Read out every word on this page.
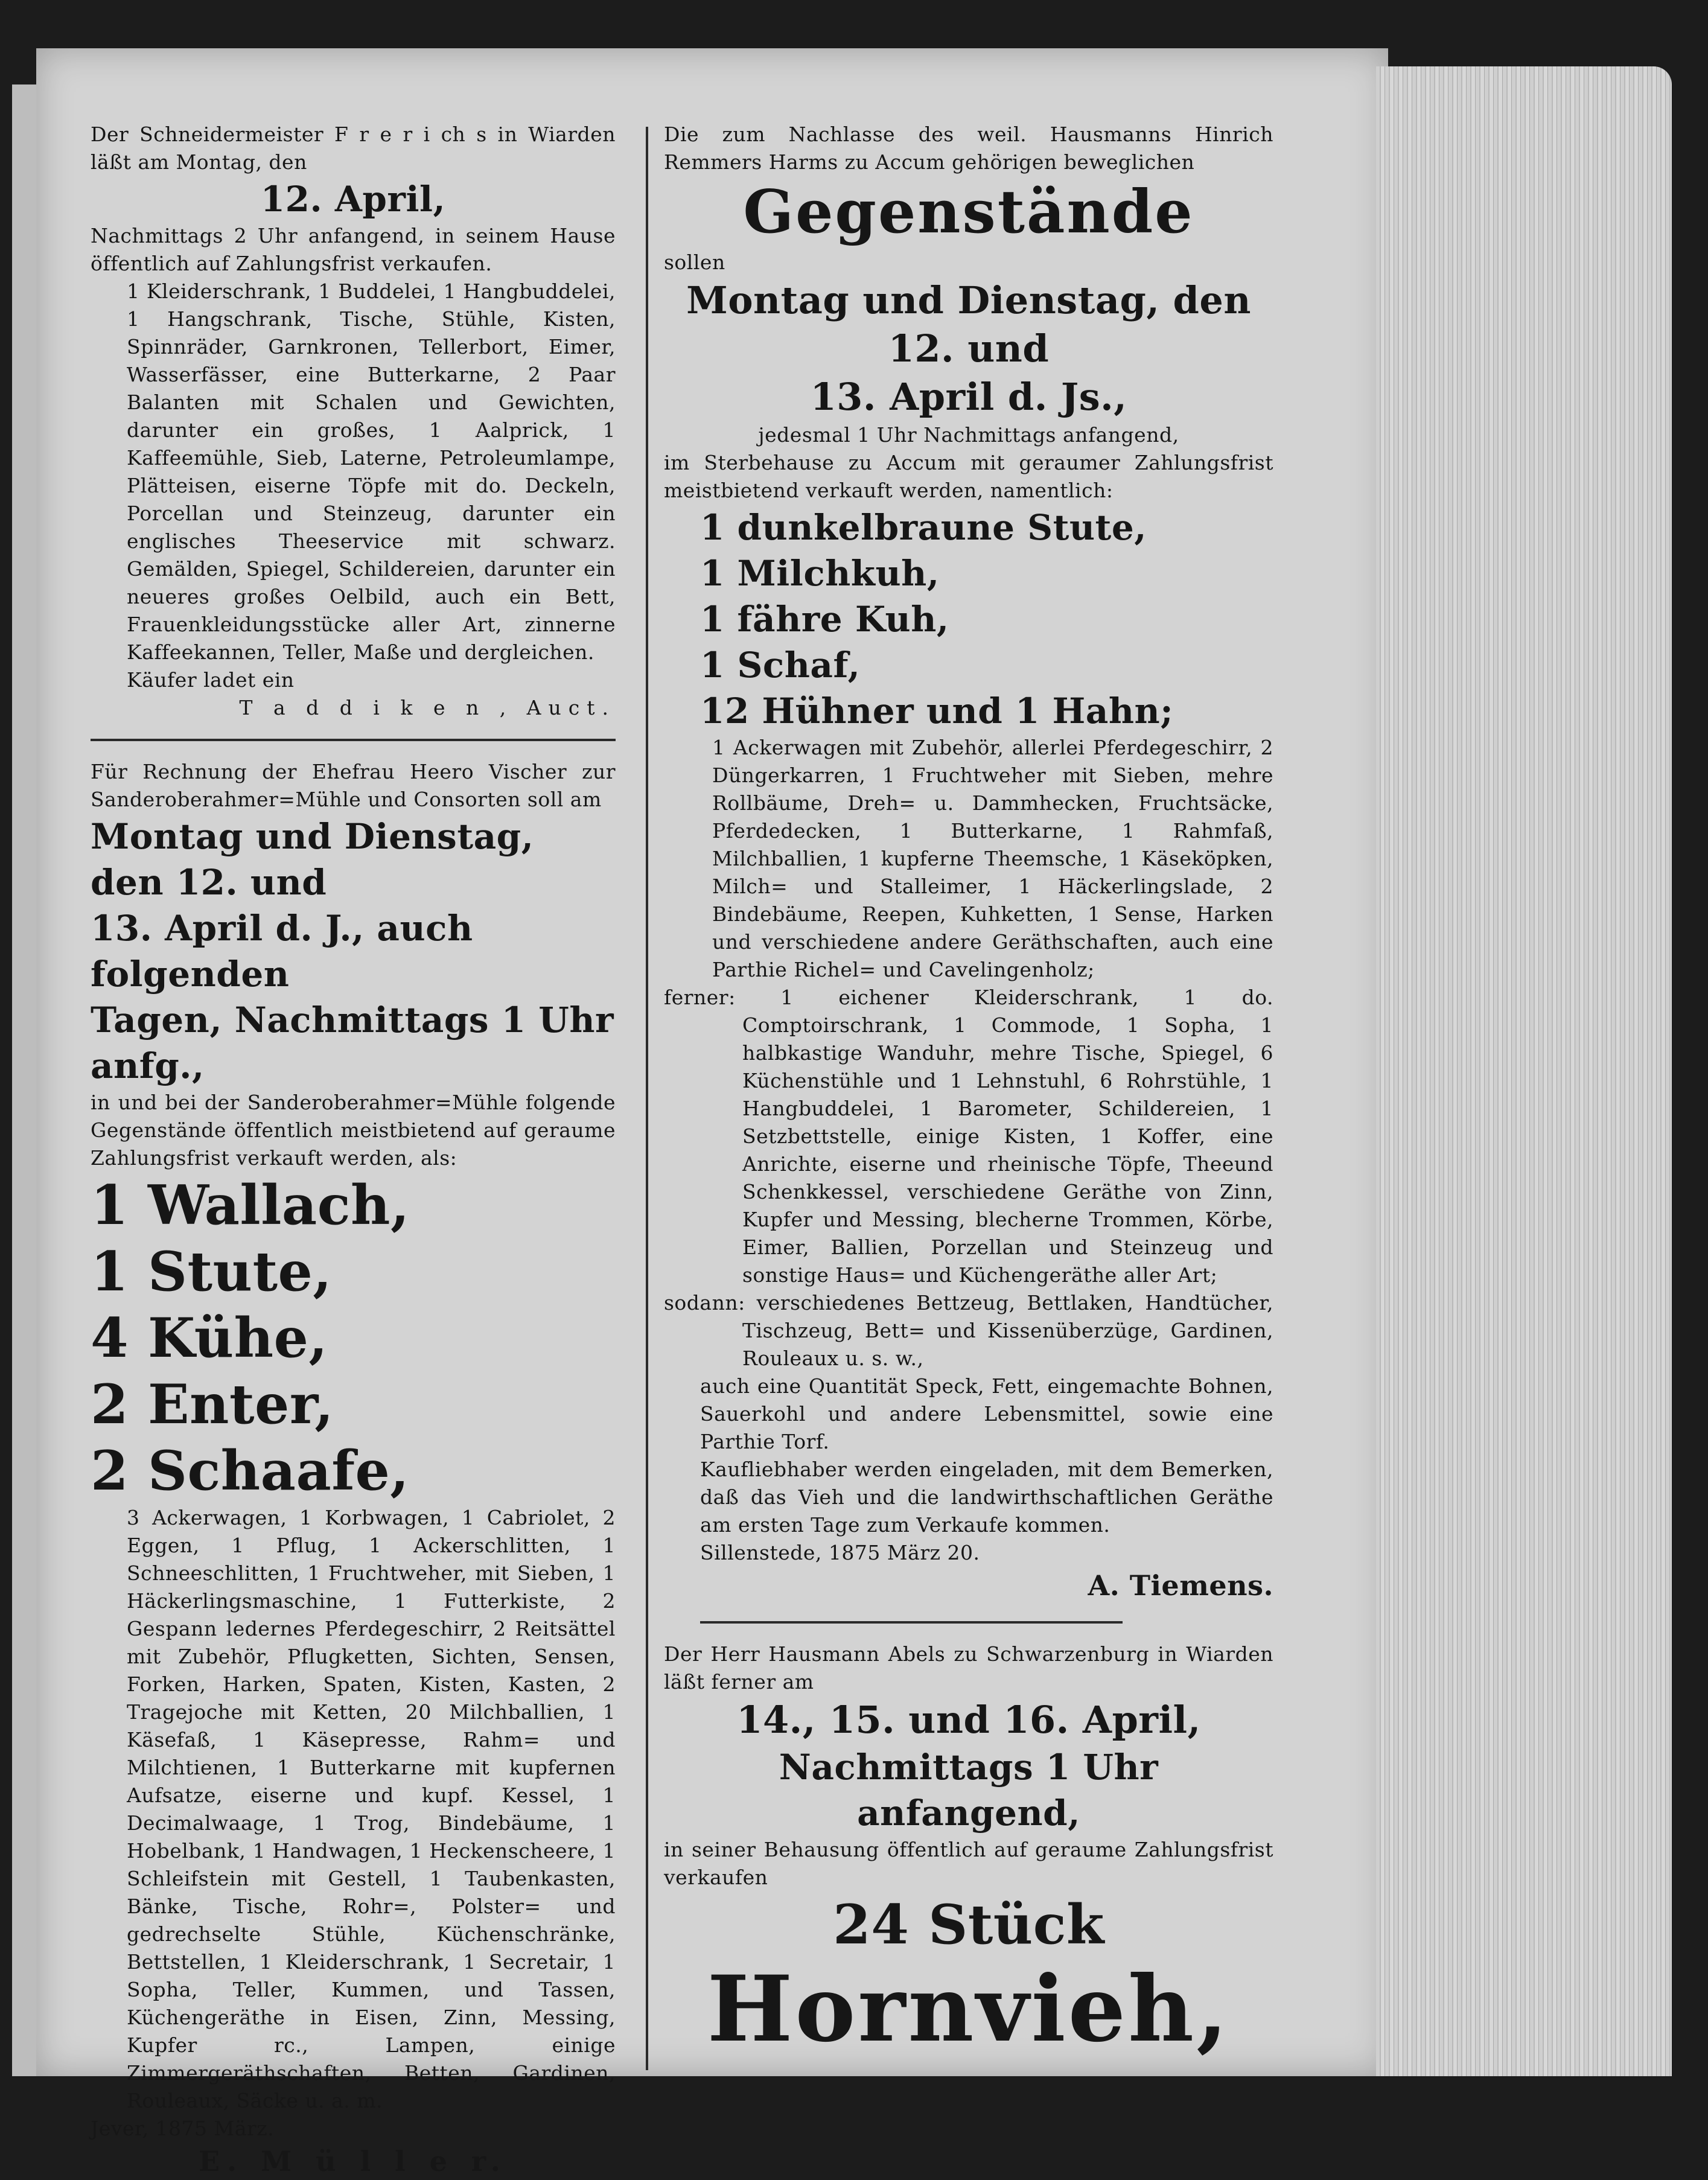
Der Schneidermeister F r e r i ch s in Wiarden läßt am Montag, den

12. April,

Nachmittags 2 Uhr anfangend, in seinem Hause öffentlich auf Zahlungsfrist verkaufen.

1 Kleiderschrank, 1 Buddelei, 1 Hangbuddelei, 1 Hangschrank, Tische, Stühle, Kisten, Spinnräder, Garnkronen, Tellerbort, Eimer, Wasserfässer, eine Butterkarne, 2 Paar Balanten mit Schalen und Gewichten, darunter ein großes, 1 Aalprick, 1 Kaffeemühle, Sieb, Laterne, Petroleumlampe, Plätteisen, eiserne Töpfe mit do. Deckeln, Porcellan und Steinzeug, darunter ein englisches Theeservice mit schwarz. Gemälden, Spiegel, Schildereien, darunter ein neueres großes Oelbild, auch ein Bett, Frauenkleidungsstücke aller Art, zinnerne Kaffeekannen, Teller, Maße und dergleichen.

Käufer ladet ein

T a d d i k e n , Auct.

Für Rechnung der Ehefrau Heero Vischer zur Sanderoberahmer=Mühle und Consorten soll am

Montag und Dienstag, den 12. und

13. April d. J., auch folgenden

Tagen, Nachmittags 1 Uhr anfg.,

in und bei der Sanderoberahmer=Mühle folgende Gegenstände öffentlich meistbietend auf geraume Zahlungsfrist verkauft werden, als:

1 Wallach,

1 Stute,

4 Kühe,

2 Enter,

2 Schaafe,

3 Ackerwagen, 1 Korbwagen, 1 Cabriolet, 2 Eggen, 1 Pflug, 1 Ackerschlitten, 1 Schneeschlitten, 1 Fruchtweher, mit Sieben, 1 Häckerlingsmaschine, 1 Futterkiste, 2 Gespann ledernes Pferdegeschirr, 2 Reitsättel mit Zubehör, Pflugketten, Sichten, Sensen, Forken, Harken, Spaten, Kisten, Kasten, 2 Tragejoche mit Ketten, 20 Milchballien, 1 Käsefaß, 1 Käsepresse, Rahm= und Milchtienen, 1 Butterkarne mit kupfernen Aufsatze, eiserne und kupf. Kessel, 1 Decimalwaage, 1 Trog, Bindebäume, 1 Hobelbank, 1 Handwagen, 1 Heckenscheere, 1 Schleifstein mit Gestell, 1 Taubenkasten, Bänke, Tische, Rohr=, Polster= und gedrechselte Stühle, Küchenschränke, Bettstellen, 1 Kleiderschrank, 1 Secretair, 1 Sopha, Teller, Kummen, und Tassen, Küchengeräthe in Eisen, Zinn, Messing, Kupfer rc., Lampen, einige Zimmergeräthschaften, Betten, Gardinen, Rouleaux, Säcke u. a. m.

Jever, 1875 März.

E. M ü l l e r.

Die zum Nachlasse des weil. Hausmanns Hinrich Remmers Harms zu Accum gehörigen beweglichen

Gegenstände

sollen

Montag und Dienstag, den 12. und

13. April d. Js.,

jedesmal 1 Uhr Nachmittags anfangend,

im Sterbehause zu Accum mit geraumer Zahlungsfrist meistbietend verkauft werden, namentlich:

1 dunkelbraune Stute,

1 Milchkuh,

1 fähre Kuh,

1 Schaf,

12 Hühner und 1 Hahn;

1 Ackerwagen mit Zubehör, allerlei Pferdegeschirr, 2 Düngerkarren, 1 Fruchtweher mit Sieben, mehre Rollbäume, Dreh= u. Dammhecken, Fruchtsäcke, Pferdedecken, 1 Butterkarne, 1 Rahmfaß, Milchballien, 1 kupferne Theemsche, 1 Käseköpken, Milch= und Stalleimer, 1 Häckerlingslade, 2 Bindebäume, Reepen, Kuhketten, 1 Sense, Harken und verschiedene andere Geräthschaften, auch eine Parthie Richel= und Cavelingenholz;

ferner: 1 eichener Kleiderschrank, 1 do. Comptoirschrank, 1 Commode, 1 Sopha, 1 halbkastige Wanduhr, mehre Tische, Spiegel, 6 Küchenstühle und 1 Lehnstuhl, 6 Rohrstühle, 1 Hangbuddelei, 1 Barometer, Schildereien, 1 Setzbettstelle, einige Kisten, 1 Koffer, eine Anrichte, eiserne und rheinische Töpfe, Theeund Schenkkessel, verschiedene Geräthe von Zinn, Kupfer und Messing, blecherne Trommen, Körbe, Eimer, Ballien, Porzellan und Steinzeug und sonstige Haus= und Küchengeräthe aller Art;

sodann: verschiedenes Bettzeug, Bettlaken, Handtücher, Tischzeug, Bett= und Kissenüberzüge, Gardinen, Rouleaux u. s. w.,

auch eine Quantität Speck, Fett, eingemachte Bohnen, Sauerkohl und andere Lebensmittel, sowie eine Parthie Torf.

Kaufliebhaber werden eingeladen, mit dem Bemerken, daß das Vieh und die landwirthschaftlichen Geräthe am ersten Tage zum Verkaufe kommen.

Sillenstede, 1875 März 20.

A. Tiemens.

Der Herr Hausmann Abels zu Schwarzenburg in Wiarden läßt ferner am

14., 15. und 16. April,

Nachmittags 1 Uhr anfangend,

in seiner Behausung öffentlich auf geraume Zahlungsfrist verkaufen

24 Stück

Hornvieh,
